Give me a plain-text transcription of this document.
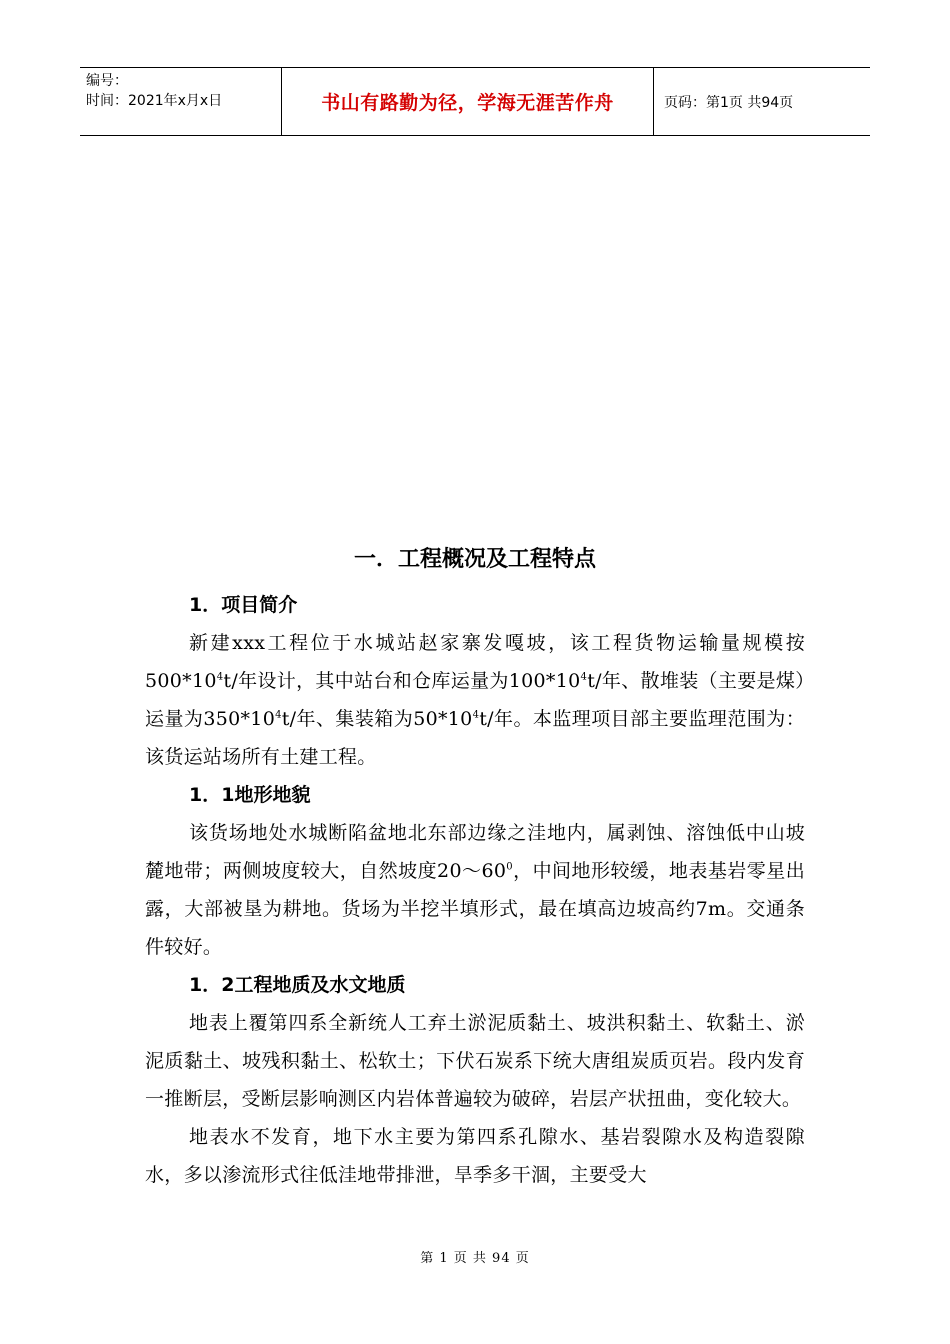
编号：
时间：2021年x月x日	书山有路勤为径，学海无涯苦作舟	页码：第1页 共94页
一．工程概况及工程特点

1．项目简介

新建xxx工程位于水城站赵家寨发嘎坡，该工程货物运输量规模按$500*10^4t/$年设计，其中站台和仓库运量为$100*10^4t/$年、散堆装（主要是煤）运量为$350*10^4t/$年、集装箱为$50*10^4t/$年。本监理项目部主要监理范围为：该货运站场所有土建工程。

1．1地形地貌

该货场地处水城断陷盆地北东部边缘之洼地内，属剥蚀、溶蚀低中山坡麓地带；两侧坡度较大，自然坡度$20\sim 60^0$，中间地形较缓，地表基岩零星出露，大部被垦为耕地。货场为半挖半填形式，最在填高边坡高约7m。交通条件较好。

1．2工程地质及水文地质

地表上覆第四系全新统人工弃土淤泥质黏土、坡洪积黏土、软黏土、淤泥质黏土、坡残积黏土、松软土；下伏石炭系下统大唐组炭质页岩。段内发育一推断层，受断层影响测区内岩体普遍较为破碎，岩层产状扭曲，变化较大。

地表水不发育，地下水主要为第四系孔隙水、基岩裂隙水及构造裂隙水，多以渗流形式往低洼地带排泄，旱季多干涸，主要受大

第 1 页 共 94 页
